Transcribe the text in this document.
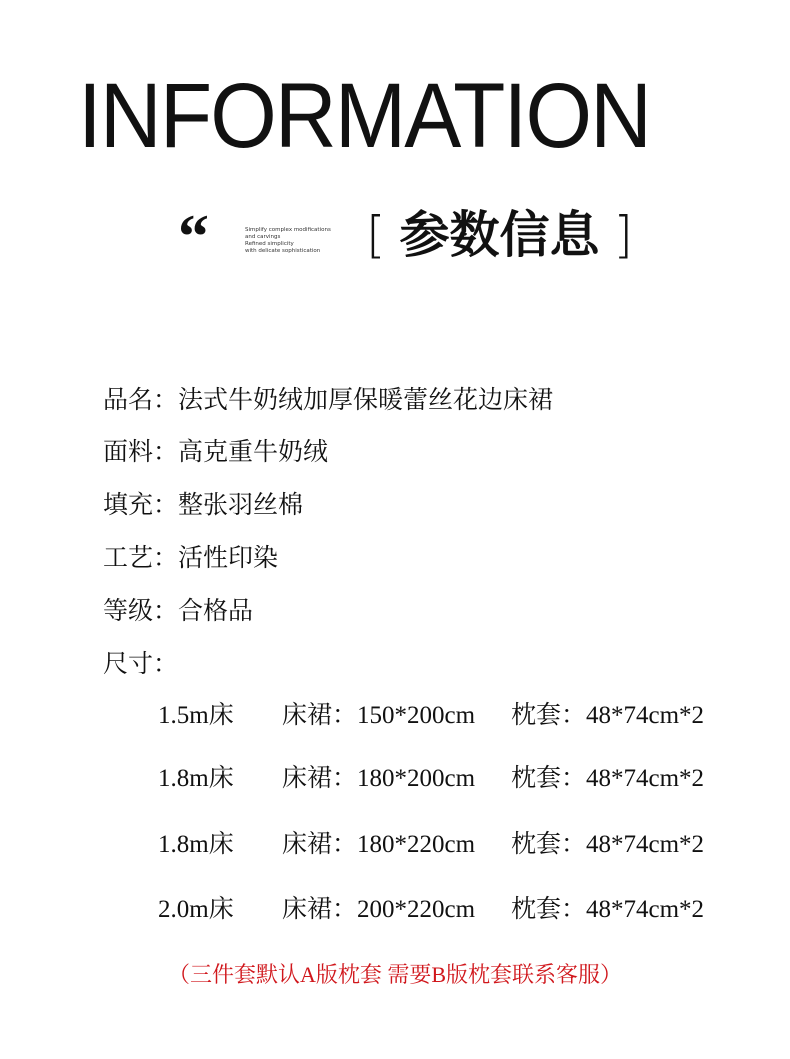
INFORMATION
“	Simplify complex modifications
and carvings
Refined simplicity
with delicate sophistication [ 参数信息 ]
品名：法式牛奶绒加厚保暖蕾丝花边床裙
面料：高克重牛奶绒
填充：整张羽丝棉
工艺：活性印染
等级：合格品
尺寸：
1.5m床 床裙：150*200cm 枕套：48*74cm*2
1.8m床 床裙：180*200cm 枕套：48*74cm*2
1.8m床 床裙：180*220cm 枕套：48*74cm*2
2.0m床 床裙：200*220cm 枕套：48*74cm*2
（三件套默认A版枕套 需要B版枕套联系客服）
